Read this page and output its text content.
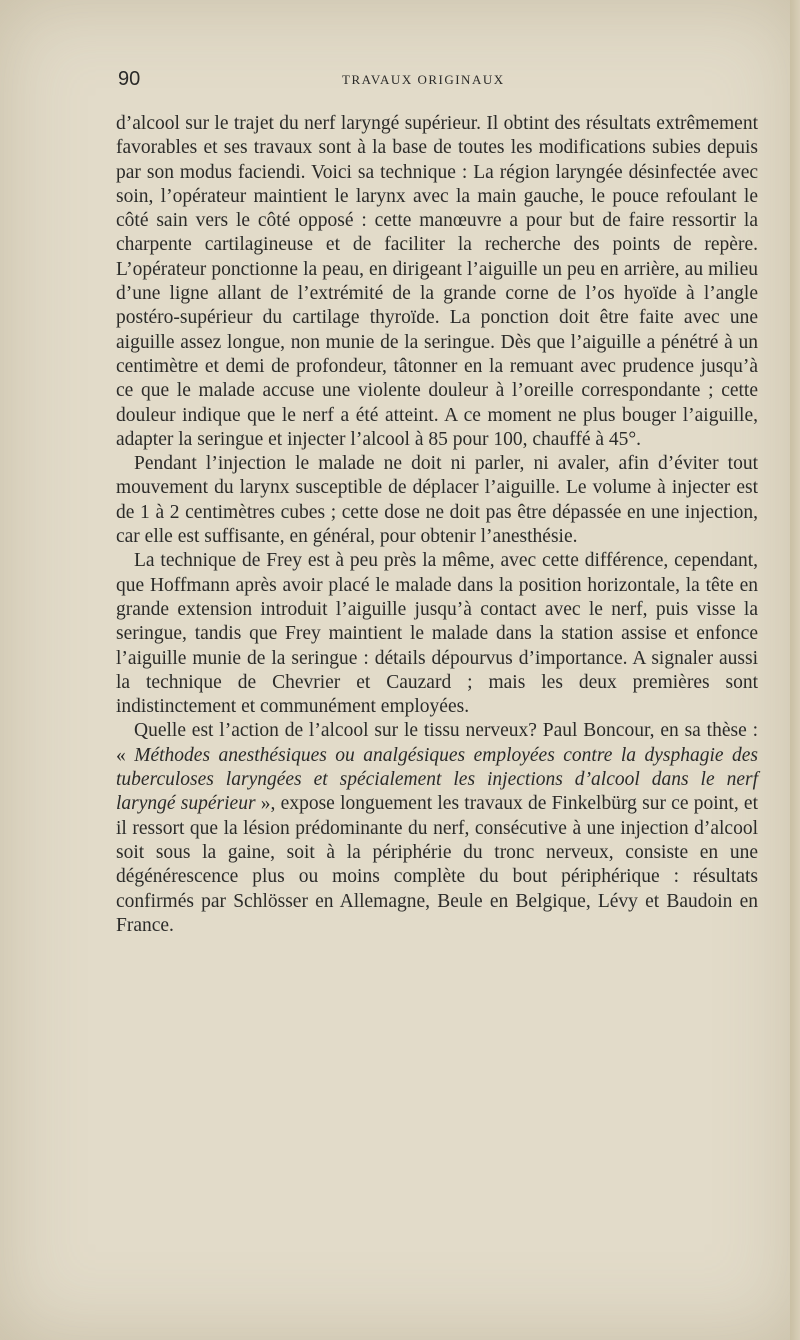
90	TRAVAUX ORIGINAUX

d’alcool sur le trajet du nerf laryngé supérieur. Il obtint des résultats extrêmement favorables et ses travaux sont à la base de toutes les modifications subies depuis par son modus faciendi. Voici sa technique : La région laryngée désinfectée avec soin, l’opérateur maintient le larynx avec la main gauche, le pouce refoulant le côté sain vers le côté opposé : cette manœuvre a pour but de faire ressortir la charpente cartilagineuse et de faciliter la recherche des points de repère. L’opérateur ponctionne la peau, en dirigeant l’aiguille un peu en arrière, au milieu d’une ligne allant de l’extrémité de la grande corne de l’os hyoïde à l’angle postéro-supérieur du cartilage thyroïde. La ponction doit être faite avec une aiguille assez longue, non munie de la seringue. Dès que l’aiguille a pénétré à un centimètre et demi de profondeur, tâtonner en la remuant avec prudence jusqu’à ce que le malade accuse une violente douleur à l’oreille correspondante ; cette douleur indique que le nerf a été atteint. A ce moment ne plus bouger l’aiguille, adapter la seringue et injecter l’alcool à 85 pour 100, chauffé à 45°.

Pendant l’injection le malade ne doit ni parler, ni avaler, afin d’éviter tout mouvement du larynx susceptible de déplacer l’aiguille. Le volume à injecter est de 1 à 2 centimètres cubes ; cette dose ne doit pas être dépassée en une injection, car elle est suffisante, en général, pour obtenir l’anesthésie.

La technique de Frey est à peu près la même, avec cette différence, cependant, que Hoffmann après avoir placé le malade dans la position horizontale, la tête en grande extension introduit l’aiguille jusqu’à contact avec le nerf, puis visse la seringue, tandis que Frey maintient le malade dans la station assise et enfonce l’aiguille munie de la seringue : détails dépourvus d’importance. A signaler aussi la technique de Chevrier et Cauzard ; mais les deux premières sont indistinctement et communément employées.

Quelle est l’action de l’alcool sur le tissu nerveux? Paul Boncour, en sa thèse : « Méthodes anesthésiques ou analgésiques employées contre la dysphagie des tuberculoses laryngées et spécialement les injections d’alcool dans le nerf laryngé supérieur », expose longuement les travaux de Finkelbürg sur ce point, et il ressort que la lésion prédominante du nerf, consécutive à une injection d’alcool soit sous la gaine, soit à la périphérie du tronc nerveux, consiste en une dégénérescence plus ou moins complète du bout périphérique : résultats confirmés par Schlösser en Allemagne, Beule en Belgique, Lévy et Baudoin en France.
